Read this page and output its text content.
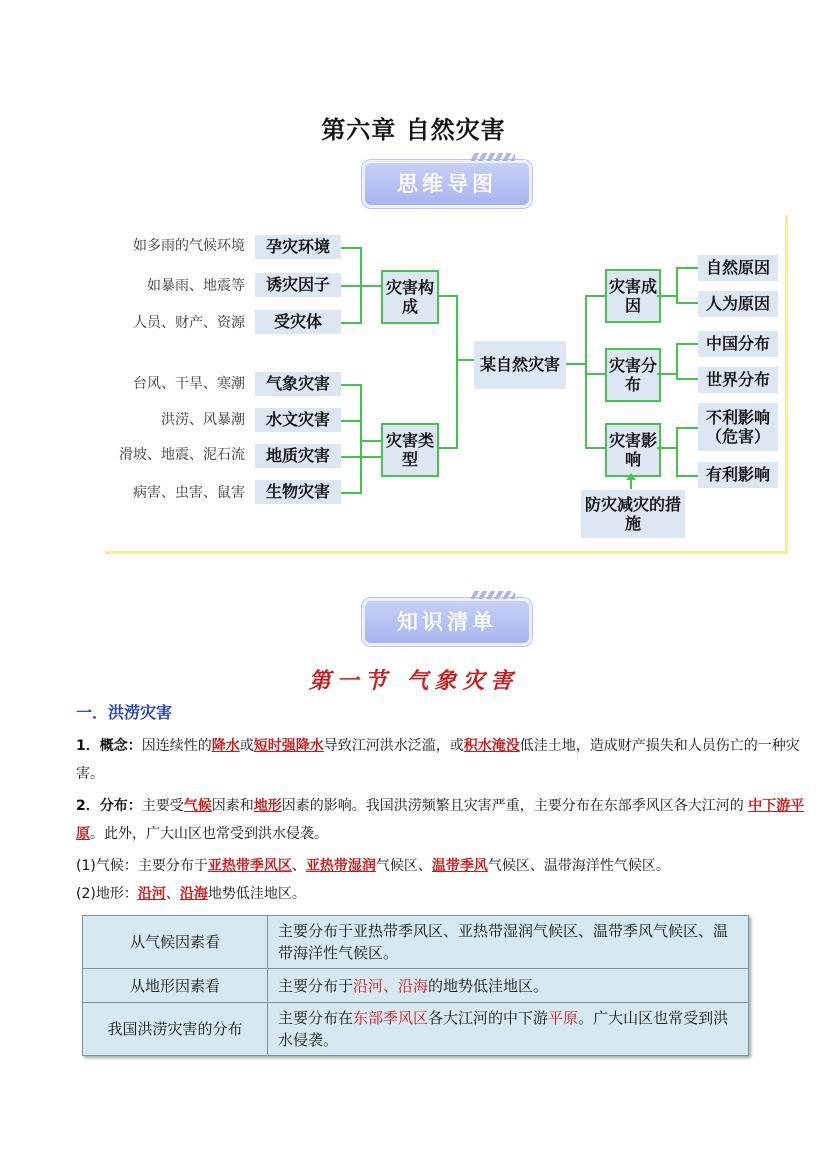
第六章 自然灾害
思维导图
如多雨的气候环境
如暴雨、地震等
人员、财产、资源
台风、干旱、寒潮
洪涝、风暴潮
滑坡、地震、泥石流
病害、虫害、鼠害
孕灾环境
诱灾因子
受灾体
气象灾害
水文灾害
地质灾害
生物灾害
灾害构成
灾害类型
某自然灾害
灾害成因
灾害分布
灾害影响
自然原因
人为原因
中国分布
世界分布
不利影响（危害）
有利影响
防灾减灾的措施
知识清单
第一节 气象灾害
一．洪涝灾害
1．概念：因连续性的降水或短时强降水导致江河洪水泛滥，或积水淹没低洼土地，造成财产损失和人员伤亡的一种灾害。
2．分布：主要受气候因素和地形因素的影响。我国洪涝频繁且灾害严重，主要分布在东部季风区各大江河的 中下游平原。此外，广大山区也常受到洪水侵袭。
(1)气候：主要分布于亚热带季风区、亚热带湿润气候区、温带季风气候区、温带海洋性气候区。
(2)地形：沿河、沿海地势低洼地区。
从气候因素看	主要分布于亚热带季风区、亚热带湿润气候区、温带季风气候区、温带海洋性气候区。
从地形因素看	主要分布于沿河、沿海的地势低洼地区。
我国洪涝灾害的分布	主要分布在东部季风区各大江河的中下游平原。广大山区也常受到洪水侵袭。
